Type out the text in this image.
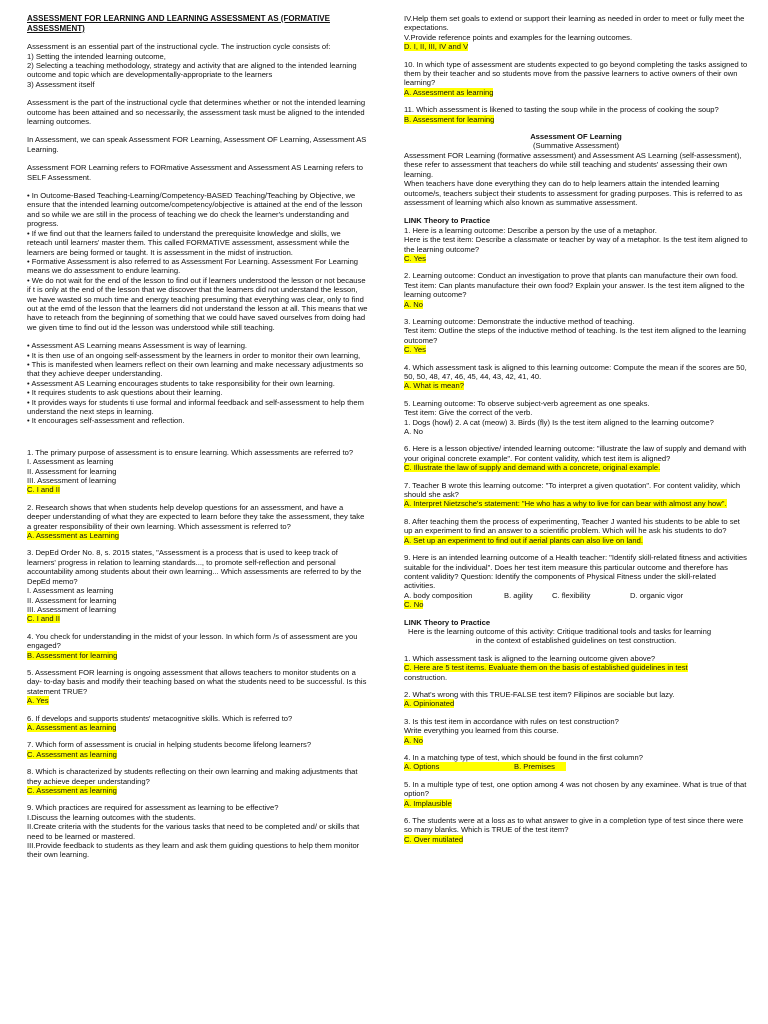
ASSESSMENT FOR LEARNING AND LEARNING ASSESSMENT AS (FORMATIVE ASSESSMENT)
Assessment is an essential part of the instructional cycle. The instruction cycle consists of:
1) Setting the intended learning outcome,
2) Selecting a teaching methodology, strategy and activity that are aligned to the intended learning outcome and topic which are developmentally-appropriate to the learners
3) Assessment itself
Assessment is the part of the instructional cycle that determines whether or not the intended learning outcome has been attained and so necessarily, the assessment task must be aligned to the intended learning outcomes.
In Assessment, we can speak Assessment FOR Learning, Assessment OF Learning, Assessment AS Learning.
Assessment FOR Learning refers to FORmative Assessment and Assessment AS Learning refers to SELF Assessment.
• In Outcome-Based Teaching-Learning/Competency-BASED Teaching/Teaching by Objective, we ensure that the intended learning outcome/competency/objective is attained at the end of the lesson and so while we are still in the process of teaching we do check the learner's understanding and progress.
• If we find out that the learners failed to understand the prerequisite knowledge and skills, we reteach until learners' master them. This called FORMATIVE assessment, assessment while the learners are being formed or taught. It is assessment in the midst of instruction.
• Formative Assessment is also referred to as Assessment For Learning. Assessment For Learning means we do assessment to endure learning.
• We do not wait for the end of the lesson to find out if learners understood the lesson or not because if t is only at the end of the lesson that we discover that the learners did not understand the lesson, we have wasted so much time and energy teaching presuming that everything was clear, only to find out at the emd of the lesson that the learners did not understand the lesson at all. This means that we have to reteach from the beginning of something that we could have saved ourselves from doing had we given time to find out id the lesson was understood while still teaching.
• Assessment AS Learning means Assessment is way of learning.
• It is then use of an ongoing self-assessment by the learners in order to monitor their own learning,
• This is manifested when learners reflect on their own learning and make necessary adjustments so that they achieve deeper understanding.
• Assessment AS Learning encourages students to take responsibility for their own learning.
• It requires students to ask questions about their learning.
• It provides ways for students ti use formal and informal feedback and self-assessment to help them understand the next steps in learning.
• It encourages self-assessment and reflection.
1. The primary purpose of assessment is to ensure learning. Which assessments are referred to?
I. Assessment as learning
II. Assessment for learning
III. Assessment of learning
C. I and II
2. Research shows that when students help develop questions for an assessment, and have a deeper understanding of what they are expected to learn before they take the assessment, they take a greater responsibility of their own learning. Which assessment is referred to?
A. Assessment as Learning
3. DepEd Order No. 8, s. 2015 states, "Assessment is a process that is used to keep track of learners' progress in relation to learning standards..., to promote self-reflection and personal accountability among students about their own learning... Which assessments are referred to by the DepEd memo?
I. Assessment as learning
II. Assessment for learning
III. Assessment of learning
C. I and II
4. You check for understanding in the midst of your lesson. In which form /s of assessment are you engaged?
B. Assessment for learning
5. Assessment FOR learning is ongoing assessment that allows teachers to monitor students on a day- to-day basis and modify their teaching based on what the students need to be successful. Is this statement TRUE?
A. Yes
6. If develops and supports students' metacognitive skills. Which is referred to?
A. Assessment as learning
7. Which form of assessment is crucial in helping students become lifelong learners?
C. Assessment as learning
8. Which is characterized by students reflecting on their own learning and making adjustments that they achieve deeper understanding?
C. Assessment as learning
9. Which practices are required for assessment as learning to be effective?
I.Discuss the learning outcomes with the students.
II.Create criteria with the students for the various tasks that need to be completed and/ or skills that need to be learned or mastered.
III.Provide feedback to students as they learn and ask them guiding questions to help them monitor their own learning.
IV.Help them set goals to extend or support their learning as needed in order to meet or fully meet the expectations.
V.Provide reference points and examples for the learning outcomes.
D. I, II, III, IV and V
10. In which type of assessment are students expected to go beyond completing the tasks assigned to them by their teacher and so students move from the passive learners to active owners of their own learning?
A. Assessment as learning
11. Which assessment is likened to tasting the soup while in the process of cooking the soup?
B. Assessment for learning
Assessment OF Learning
(Summative Assessment)
Assessment FOR Learning (formative assessment) and Assessment AS Learning (self-assessment), these refer to assessment that teachers do while still teaching and students' assessing their own learning.
When teachers have done everything they can do to help learners attain the intended learning outcome/s, teachers subject their students to assessment for grading purposes. This is referred to as assessment of learning which also known as summative assessment.
LINK Theory to Practice
1. Here is a learning outcome: Describe a person by the use of a metaphor.
Here is the test item: Describe a classmate or teacher by way of a metaphor. Is the test item aligned to the learning outcome?
C. Yes
2. Learning outcome: Conduct an investigation to prove that plants can manufacture their own food. Test item: Can plants manufacture their own food? Explain your answer. Is the test item aligned to the learning outcome?
A. No
3. Learning outcome: Demonstrate the inductive method of teaching.
Test item: Outline the steps of the inductive method of teaching. Is the test item aligned to the learning outcome?
C. Yes
4. Which assessment task is aligned to this learning outcome: Compute the mean if the scores are 50, 50, 50, 48, 47, 46, 45, 44, 43, 42, 41, 40.
A. What is mean?
5. Learning outcome: To observe subject-verb agreement as one speaks.
Test item: Give the correct of the verb.
1. Dogs (howl) 2. A cat (meow) 3. Birds (fly) Is the test item aligned to the learning outcome?
A. No
6. Here is a lesson objective/ intended learning outcome: "illustrate the law of supply and demand with your original concrete example". For content validity, which test item is aligned?
C. Illustrate the law of supply and demand with a concrete, original example.
7. Teacher B wrote this learning outcome: "To interpret a given quotation". For content validity, which should she ask?
A. Interpret Nietzsche's statement: "He who has a why to live for can bear with almost any how".
8. After teaching them the process of experimenting, Teacher J wanted his students to be able to set up an experiment to find an answer to a scientific problem. Which will he ask his students to do?
A. Set up an experiment to find out if aerial plants can also live on land.
9. Here is an intended learning outcome of a Health teacher: "Identify skill-related fitness and activities suitable for the individual". Does her test item measure this particular outcome and therefore has content validity? Question: Identify the components of Physical Fitness under the skill-related activities.
A. body composition	B. agility	C. flexibility	D. organic vigor
C. No
LINK Theory to Practice
Here is the learning outcome of this activity: Critique traditional tools and tasks for learning
in the context of established guidelines on test construction.
1. Which assessment task is aligned to the learning outcome given above?
C. Here are 5 test items. Evaluate them on the basis of established guidelines in test
construction.
2. What's wrong with this TRUE-FALSE test item? Filipinos are sociable but lazy.
A. Opinionated
3. Is this test item in accordance with rules on test construction?
Write everything you learned from this course.
A. No
4. In a matching type of test, which should be found in the first column?
A. Options	B. Premises
5. In a multiple type of test, one option among 4 was not chosen by any examinee. What is true of that option?
A. Implausible
6. The students were at a loss as to what answer to give in a completion type of test since there were so many blanks. Which is TRUE of the test item?
C. Over mutilated
